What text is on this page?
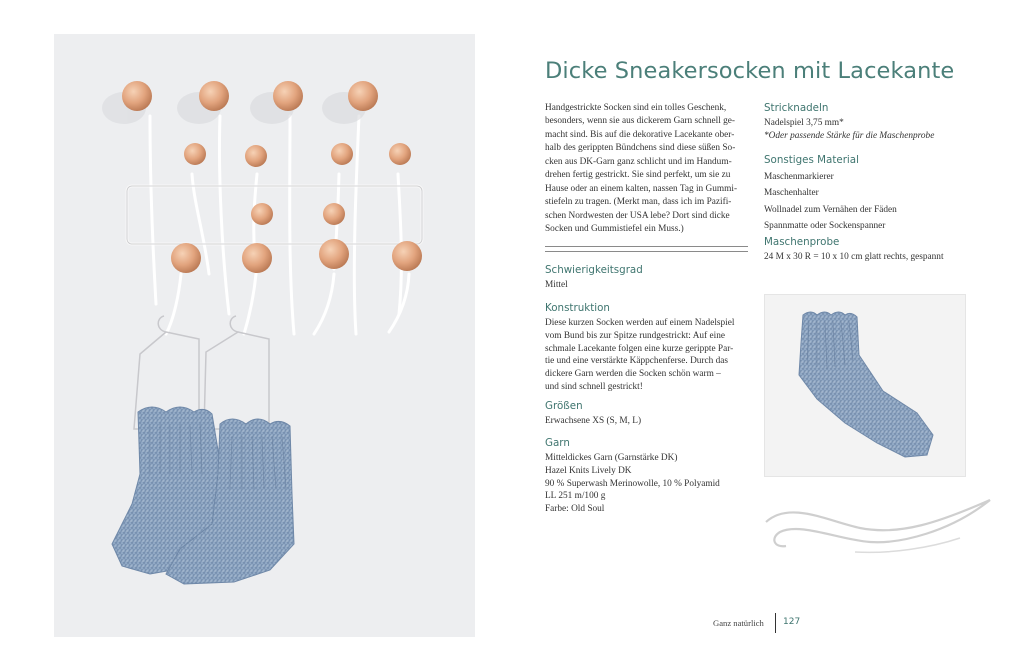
Dicke Sneakersocken mit Lacekante
Handgestrickte Socken sind ein tolles Geschenk,
besonders, wenn sie aus dickerem Garn schnell ge-
macht sind. Bis auf die dekorative Lacekante ober-
halb des gerippten Bündchens sind diese süßen So-
cken aus DK-Garn ganz schlicht und im Handum-
drehen fertig gestrickt. Sie sind perfekt, um sie zu
Hause oder an einem kalten, nassen Tag in Gummi-
stiefeln zu tragen. (Merkt man, dass ich im Pazifi-
schen Nordwesten der USA lebe? Dort sind dicke
Socken und Gummistiefel ein Muss.)
Schwierigkeitsgrad

Mittel

Konstruktion
Diese kurzen Socken werden auf einem Nadelspiel
vom Bund bis zur Spitze rundgestrickt: Auf eine
schmale Lacekante folgen eine kurze gerippte Par-
tie und eine verstärkte Käppchenferse. Durch das
dickere Garn werden die Socken schön warm –
und sind schnell gestrickt!
Größen

Erwachsene XS (S, M, L)

Garn
Mitteldickes Garn (Garnstärke DK)
Hazel Knits Lively DK
90 % Superwash Merinowolle, 10 % Polyamid
LL 251 m/100 g
Farbe: Old Soul
Stricknadeln
Nadelspiel 3,75 mm*
*Oder passende Stärke für die Maschenprobe
Sonstiges Material
Maschenmarkierer
Maschenhalter
Wollnadel zum Vernähen der Fäden
Spannmatte oder Sockenspanner
Maschenprobe

24 M x 30 R = 10 x 10 cm glatt rechts, gespannt

Ganz natürlich 127
